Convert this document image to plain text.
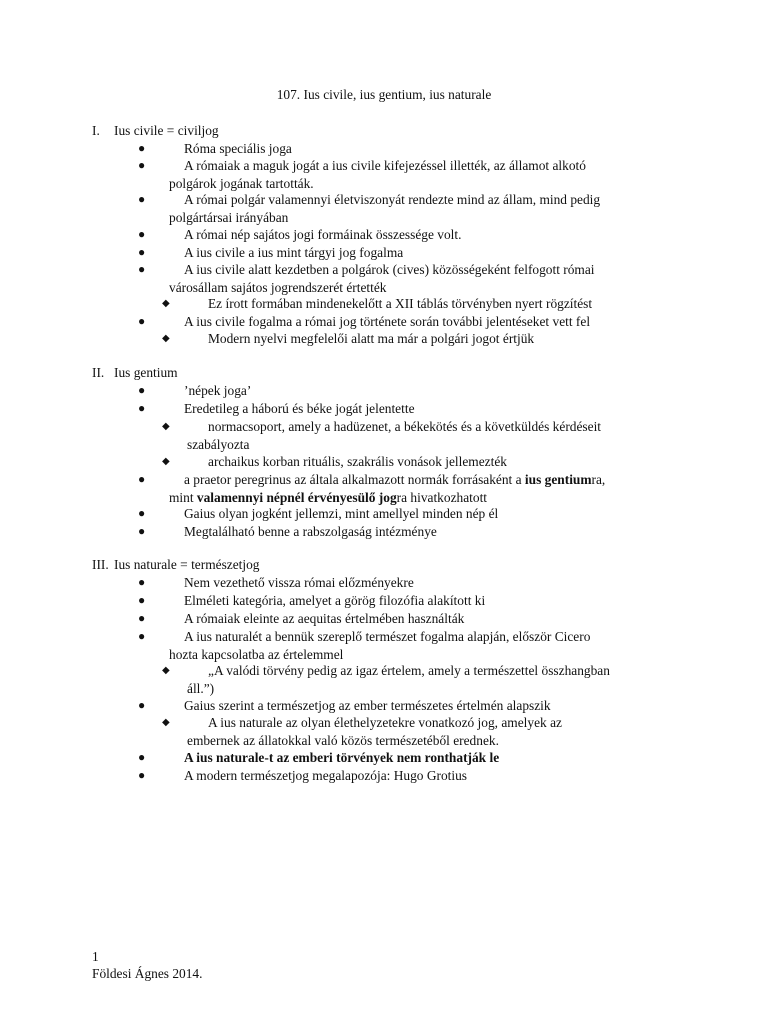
107. Ius civile, ius gentium, ius naturale
I. Ius civile = civiljog
●	Róma speciális joga
●	A rómaiak a maguk jogát a ius civile kifejezéssel illették, az államot alkotó
polgárok jogának tartották.
●	A római polgár valamennyi életviszonyát rendezte mind az állam, mind pedig
polgártársai irányában
●	A római nép sajátos jogi formáinak összessége volt.
●	A ius civile a ius mint tárgyi jog fogalma
●	A ius civile alatt kezdetben a polgárok (cives) közösségeként felfogott római
városállam sajátos jogrendszerét értették
◆	Ez írott formában mindenekelőtt a XII táblás törvényben nyert rögzítést
●	A ius civile fogalma a római jog története során további jelentéseket vett fel
◆	Modern nyelvi megfelelői alatt ma már a polgári jogot értjük
II. Ius gentium
●	’népek joga’
●	Eredetileg a háború és béke jogát jelentette
◆	normacsoport, amely a hadüzenet, a békekötés és a követküldés kérdéseit
szabályozta
◆	archaikus korban rituális, szakrális vonások jellemezték
●	a praetor peregrinus az általa alkalmazott normák forrásaként a ius gentiumra,
mint valamennyi népnél érvényesülő jogra hivatkozhatott
●	Gaius olyan jogként jellemzi, mint amellyel minden nép él
●	Megtalálható benne a rabszolgaság intézménye
III. Ius naturale = természetjog
●	Nem vezethető vissza római előzményekre
●	Elméleti kategória, amelyet a görög filozófia alakított ki
●	A rómaiak eleinte az aequitas értelmében használták
●	A ius naturalét a bennük szereplő természet fogalma alapján, először Cicero
hozta kapcsolatba az értelemmel
◆	„A valódi törvény pedig az igaz értelem, amely a természettel összhangban
áll.”)
●	Gaius szerint a természetjog az ember természetes értelmén alapszik
◆	A ius naturale az olyan élethelyzetekre vonatkozó jog, amelyek az
embernek az állatokkal való közös természetéből erednek.
●	A ius naturale-t az emberi törvények nem ronthatják le
●	A modern természetjog megalapozója: Hugo Grotius
1
Földesi Ágnes 2014.
